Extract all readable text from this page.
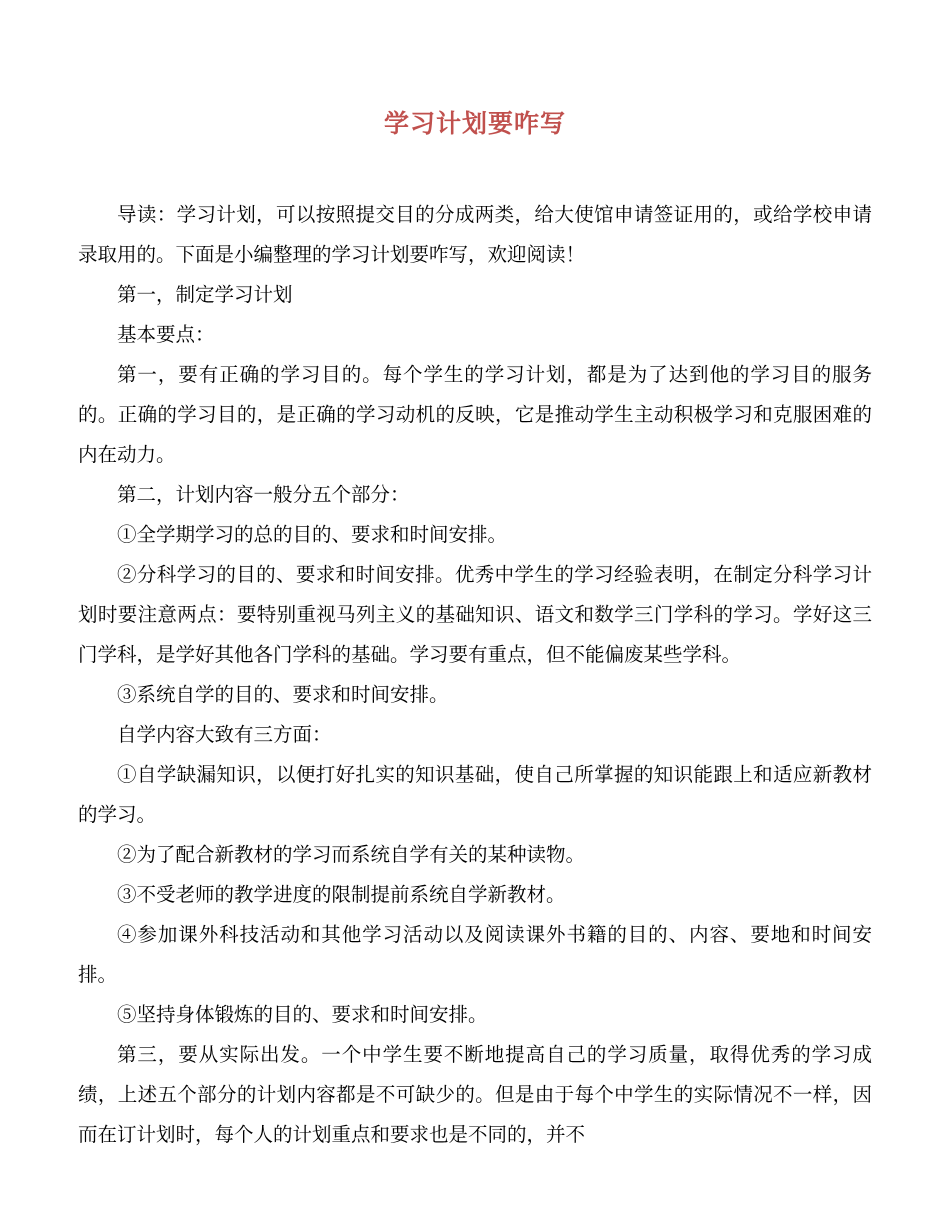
学习计划要咋写

导读：学习计划，可以按照提交目的分成两类，给大使馆申请签证用的，或给学校申请录取用的。下面是小编整理的学习计划要咋写，欢迎阅读！

第一，制定学习计划

基本要点：

第一，要有正确的学习目的。每个学生的学习计划，都是为了达到他的学习目的服务的。正确的学习目的，是正确的学习动机的反映，它是推动学生主动积极学习和克服困难的内在动力。

第二，计划内容一般分五个部分：

①全学期学习的总的目的、要求和时间安排。

②分科学习的目的、要求和时间安排。优秀中学生的学习经验表明，在制定分科学习计划时要注意两点：要特别重视马列主义的基础知识、语文和数学三门学科的学习。学好这三门学科，是学好其他各门学科的基础。学习要有重点，但不能偏废某些学科。

③系统自学的目的、要求和时间安排。

自学内容大致有三方面：

①自学缺漏知识，以便打好扎实的知识基础，使自己所掌握的知识能跟上和适应新教材的学习。

②为了配合新教材的学习而系统自学有关的某种读物。

③不受老师的教学进度的限制提前系统自学新教材。

④参加课外科技活动和其他学习活动以及阅读课外书籍的目的、内容、要地和时间安排。

⑤坚持身体锻炼的目的、要求和时间安排。

第三，要从实际出发。一个中学生要不断地提高自己的学习质量，取得优秀的学习成绩，上述五个部分的计划内容都是不可缺少的。但是由于每个中学生的实际情况不一样，因而在订计划时，每个人的计划重点和要求也是不同的，并不
